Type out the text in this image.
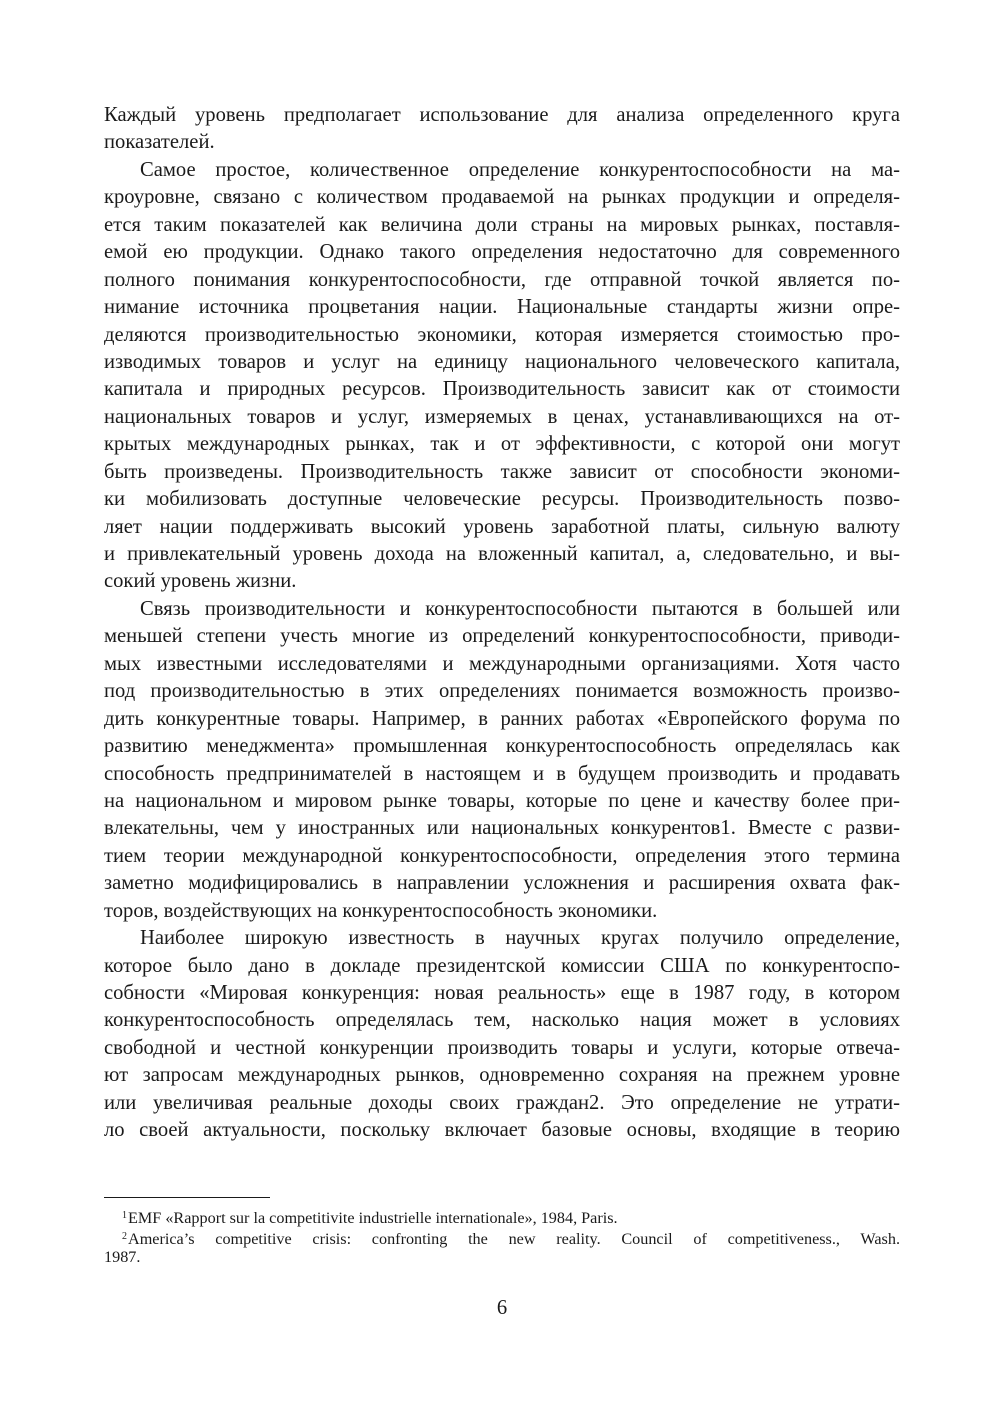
Каждый уровень предполагает использование для анализа определенного круга
показателей.
Самое простое, количественное определение конкурентоспособности на ма-
кроуровне, связано с количеством продаваемой на рынках продукции и определя-
ется таким показателей как величина доли страны на мировых рынках, поставля-
емой ею продукции. Однако такого определения недостаточно для современного
полного понимания конкурентоспособности, где отправной точкой является по-
нимание источника процветания нации. Национальные стандарты жизни опре-
деляются производительностью экономики, которая измеряется стоимостью про-
изводимых товаров и услуг на единицу национального человеческого капитала,
капитала и природных ресурсов. Производительность зависит как от стоимости
национальных товаров и услуг, измеряемых в ценах, устанавливающихся на от-
крытых международных рынках, так и от эффективности, с которой они могут
быть произведены. Производительность также зависит от способности экономи-
ки мобилизовать доступные человеческие ресурсы. Производительность позво-
ляет нации поддерживать высокий уровень заработной платы, сильную валюту
и привлекательный уровень дохода на вложенный капитал, а, следовательно, и вы-
сокий уровень жизни.
Связь производительности и конкурентоспособности пытаются в большей или
меньшей степени учесть многие из определений конкурентоспособности, приводи-
мых известными исследователями и международными организациями. Хотя часто
под производительностью в этих определениях понимается возможность произво-
дить конкурентные товары. Например, в ранних работах «Европейского форума по
развитию менеджмента» промышленная конкурентоспособность определялась как
способность предпринимателей в настоящем и в будущем производить и продавать
на национальном и мировом рынке товары, которые по цене и качеству более при-
влекательны, чем у иностранных или национальных конкурентов1. Вместе с разви-
тием теории международной конкурентоспособности, определения этого термина
заметно модифицировались в направлении усложнения и расширения охвата фак-
торов, воздействующих на конкурентоспособность экономики.
Наиболее широкую известность в научных кругах получило определение,
которое было дано в докладе президентской комиссии США по конкурентоспо-
собности «Мировая конкуренция: новая реальность» еще в 1987 году, в котором
конкурентоспособность определялась тем, насколько нация может в условиях
свободной и честной конкуренции производить товары и услуги, которые отвеча-
ют запросам международных рынков, одновременно сохраняя на прежнем уровне
или увеличивая реальные доходы своих граждан2. Это определение не утрати-
ло своей актуальности, поскольку включает базовые основы, входящие в теорию
$^1$EMF «Rapport sur la competitivite industrielle internationale», 1984, Paris.
$^2$America’s competitive crisis: confronting the new reality. Council of competitiveness., Wash.
1987.
6
